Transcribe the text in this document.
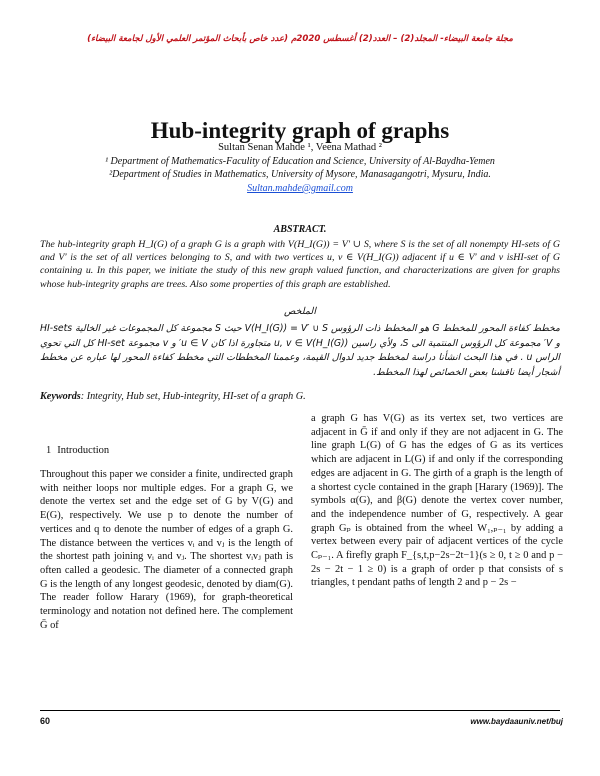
مجلة جامعة البيضاء- المجلد(2) – العدد(2) أغسطس 2020م (عدد خاص بأبحاث المؤتمر العلمي الأول لجامعة البيضاء)
Hub-integrity graph of graphs
Sultan Senan Mahde ¹, Veena Mathad ²
¹ Department of Mathematics-Faculity of Education and Science, University of Al-Baydha-Yemen
²Department of Studies in Mathematics, University of Mysore, Manasagangotri, Mysuru, India.
Sultan.mahde@gmail.com
ABSTRACT.
The hub-integrity graph H_I(G) of a graph G is a graph with V(H_I(G)) = V′ ∪ S, where S is the set of all nonempty HI-sets of G and V′ is the set of all vertices belonging to S, and with two vertices u, v ∈ V(H_I(G)) adjacent if u ∈ V′ and v isHI-set of G containing u. In this paper, we initiate the study of this new graph valued function, and characterizations are given for graphs whose hub-integrity graphs are trees. Also some properties of this graph are established.
الملخص
مخطط كفاءة المحور للمخطط G هو المخطط ذات الرؤوس V(H_I(G)) = V′ ∪ S حيث S مجموعة كل المجموعات غير الخالية HI-sets و V′ مجموعة كل الرؤوس المنتمية الى S، ولأي راسين u, v ∈ V(H_I(G)) متجاورة اذا كان u ∈ V′ و v مجموعة HI-set كل التي تحوي الراس u . في هذا البحث انشأنا دراسة لمخطط جديد لدوال القيمة، وعممنا المخططات التي مخطط كفاءة المحور لها عباره عن مخطط أشجار أيضا ناقشنا بعض الخصائص لهذا المخطط.
Keywords: Integrity, Hub set, Hub-integrity, HI-set of a graph G.
1 Introduction
Throughout this paper we consider a finite, undirected graph with neither loops nor multiple edges. For a graph G, we denote the vertex set and the edge set of G by V(G) and E(G), respectively. We use p to denote the number of vertices and q to denote the number of edges of a graph G. The distance between the vertices vᵢ and vⱼ is the length of the shortest path joining vᵢ and vⱼ. The shortest vᵢvⱼ path is often called a geodesic. The diameter of a connected graph G is the length of any longest geodesic, denoted by diam(G). The reader follow Harary (1969), for graph-theoretical terminology and notation not defined here. The complement Ḡ of
a graph G has V(G) as its vertex set, two vertices are adjacent in Ḡ if and only if they are not adjacent in G. The line graph L(G) of G has the edges of G as its vertices which are adjacent in L(G) if and only if the corresponding edges are adjacent in G. The girth of a graph is the length of a shortest cycle contained in the graph [Harary (1969)]. The symbols α(G), and β(G) denote the vertex cover number, and the independence number of G, respectively. A gear graph Gₚ is obtained from the wheel W₁,ₚ₋₁ by adding a vertex between every pair of adjacent vertices of the cycle Cₚ₋₁. A firefly graph F_{s,t,p−2s−2t−1}(s ≥ 0, t ≥ 0 and p − 2s − 2t − 1 ≥ 0) is a graph of order p that consists of s triangles, t pendant paths of length 2 and p − 2s −
60	www.baydaauniv.net/buj
